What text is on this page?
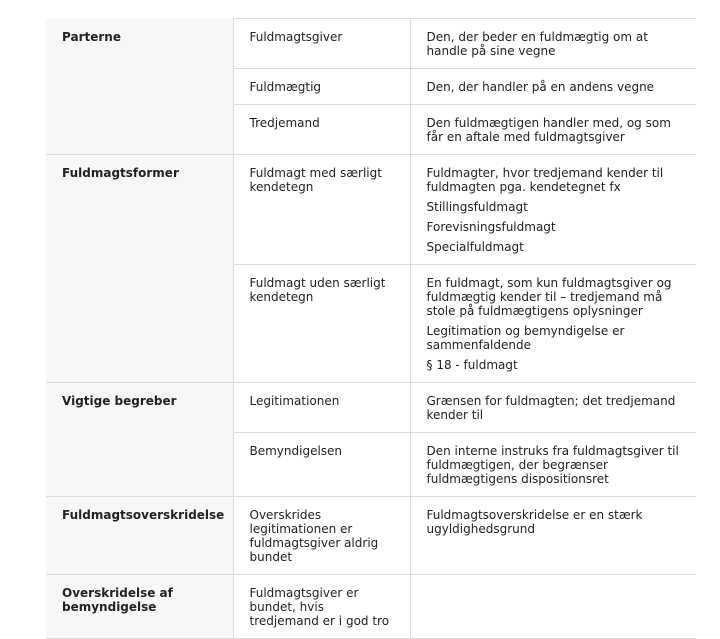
Parterne	Fuldmagtsgiver	Den, der beder en fuldmægtig om at handle på sine vegne

	Fuldmægtig	Den, der handler på en andens vegne

	Tredjemand	Den fuldmægtigen handler med, og som får en aftale med fuldmagtsgiver

Fuldmagtsformer	Fuldmagt med særligt kendetegn	Fuldmagter, hvor tredjemand kender til fuldmagten pga. kendetegnet fx
Stillingsfuldmagt
Forevisningsfuldmagt
Specialfuldmagt

	Fuldmagt uden særligt kendetegn	En fuldmagt, som kun fuldmagtsgiver og fuldmægtig kender til – tredjemand må stole på fuldmægtigens oplysninger
Legitimation og bemyndigelse er sammenfaldende
§ 18 - fuldmagt

Vigtige begreber	Legitimationen	Grænsen for fuldmagten; det tredjemand kender til

	Bemyndigelsen	Den interne instruks fra fuldmagtsgiver til fuldmægtigen, der begrænser fuldmægtigens dispositionsret

Fuldmagtsoverskridelse	Overskrides legitimationen er fuldmagtsgiver aldrig bundet	Fuldmagtsoverskridelse er en stærk ugyldighedsgrund

Overskridelse af bemyndigelse	Fuldmagtsgiver er bundet, hvis tredjemand er i god tro	
